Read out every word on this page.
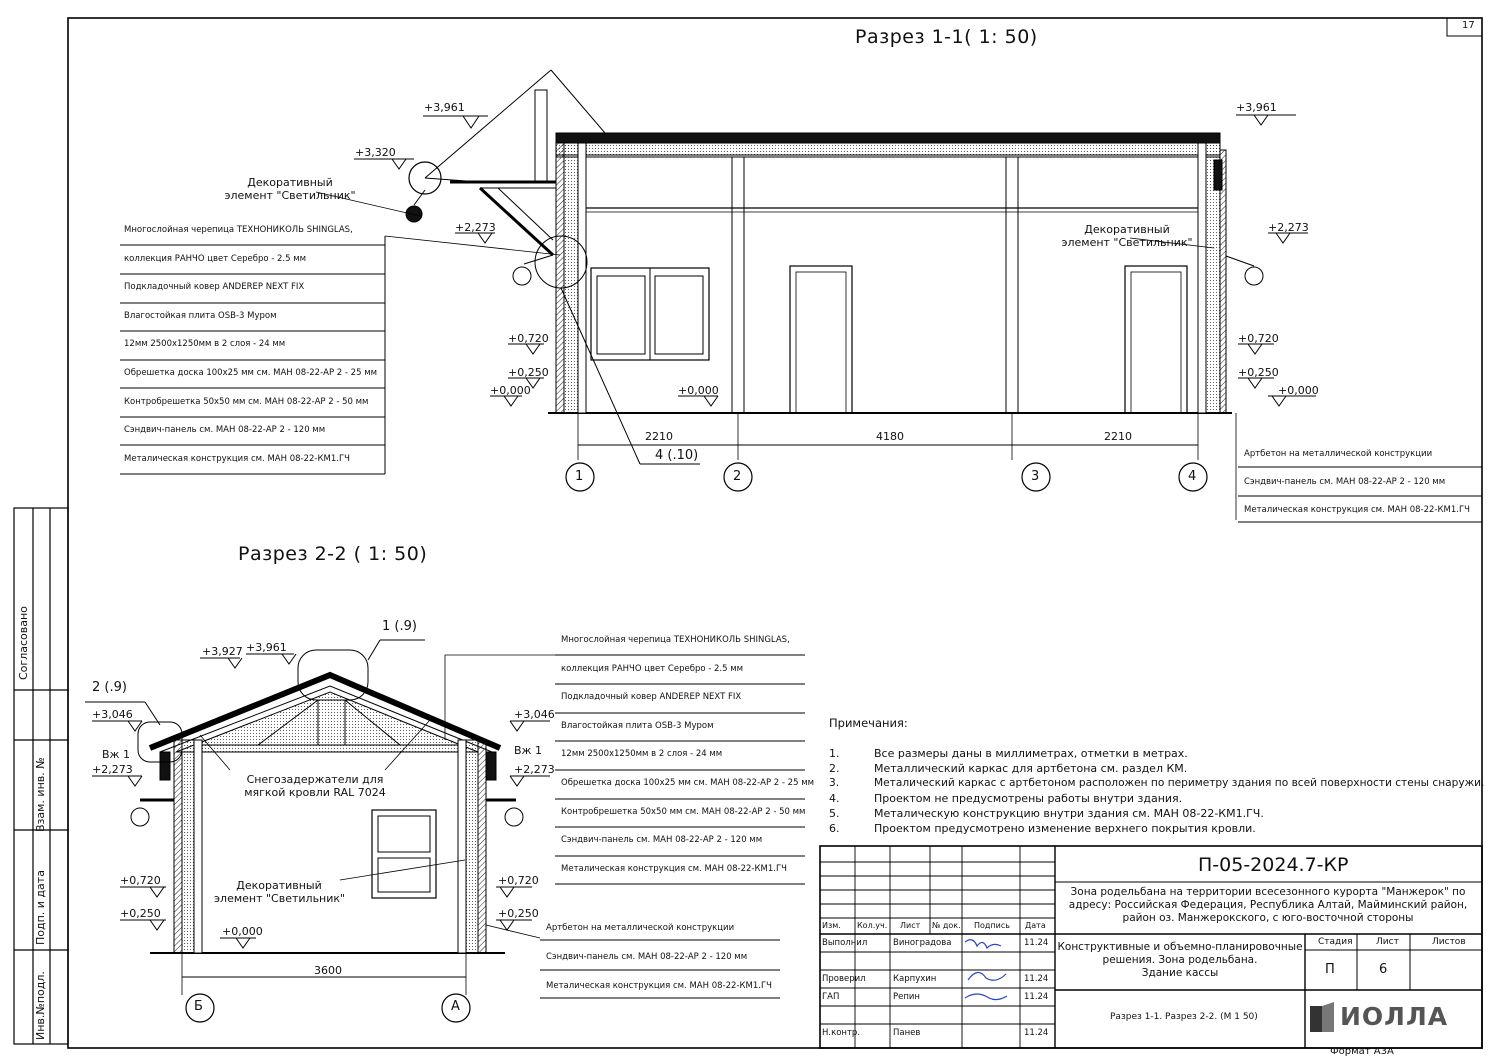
17
Формат А3А
Согласовано
Взам. инв. №
Подп. и дата
Инв.№подл.
Разрез 1-1( 1: 50)
+3,961
+3,320
+2,273
+0,720
+0,250
+0,000	+0,000
+3,961
+2,273
+0,720
+0,250
+0,000
Декоративный
элемент "Светильник"
Декоративный
элемент "Светильник"
2210	4180	2210
1	2	3	4
4 (.10)
Многослойная черепица ТЕХНОНИКОЛЬ SHINGLAS,
коллекция РАНЧО цвет Серебро - 2.5 мм
Подкладочный ковер ANDEREP NEXT FIX
Влагостойкая плита OSB-3 Муром
12мм 2500х1250мм в 2 слоя - 24 мм
Обрешетка доска 100х25 мм см. МАН 08-22-АР 2 - 25 мм
Контробрешетка 50х50 мм см. МАН 08-22-АР 2 - 50 мм
Сэндвич-панель см. МАН 08-22-АР 2 - 120 мм
Металическая конструкция см. МАН 08-22-КМ1.ГЧ	Артбетон на металлической конструкции
Сэндвич-панель см. МАН 08-22-АР 2 - 120 мм
Металическая конструкция см. МАН 08-22-КМ1.ГЧ
Разрез 2-2 ( 1: 50)
+3,927 +3,961
+3,046
+2,273
+0,720
+0,250
+0,000
+3,046
+2,273
+0,720
+0,250
2 (.9)
1 (.9)
Вж 1	Вж 1
Снегозадержатели для
мягкой кровли RAL 7024
Декоративный
элемент "Светильник"
3600
Б	А
Многослойная черепица ТЕХНОНИКОЛЬ SHINGLAS,
коллекция РАНЧО цвет Серебро - 2.5 мм
Подкладочный ковер ANDEREP NEXT FIX
Влагостойкая плита OSB-3 Муром
12мм 2500х1250мм в 2 слоя - 24 мм
Обрешетка доска 100х25 мм см. МАН 08-22-АР 2 - 25 мм
Контробрешетка 50х50 мм см. МАН 08-22-АР 2 - 50 мм
Сэндвич-панель см. МАН 08-22-АР 2 - 120 мм
Металическая конструкция см. МАН 08-22-КМ1.ГЧ
Артбетон на металлической конструкции
Сэндвич-панель см. МАН 08-22-АР 2 - 120 мм
Металическая конструкция см. МАН 08-22-КМ1.ГЧ
Примечания:
1.	Все размеры даны в миллиметрах, отметки в метрах.
2.	Металлический каркас для артбетона см. раздел КМ.
3.	Металический каркас с артбетоном расположен по периметру здания по всей поверхности стены снаружи.
4.	Проектом не предусмотрены работы внутри здания.
5.	Металическую конструкцию внутри здания см. МАН 08-22-КМ1.ГЧ.
6.	Проектом предусмотрено изменение верхнего покрытия кровли.
П-05-2024.7-КР
Зона родельбана на территории всесезонного курорта "Манжерок" по
адресу: Российская Федерация, Республика Алтай, Майминский район,
район оз. Манжерокского, с юго-восточной стороны
Конструктивные и объемно-планировочные
решения. Зона родельбана.
Здание кассы
Разрез 1-1. Разрез 2-2. (М 1 50)
Стадия	Лист	Листов
П	6
Изм. Кол.уч. Лист № док. Подпись Дата
Выполнил	Виноградова	11.24
Проверил	Карпухин	11.24
ГАП	Репин	11.24
Н.контр.	Панев	11.24
ИОЛЛА
